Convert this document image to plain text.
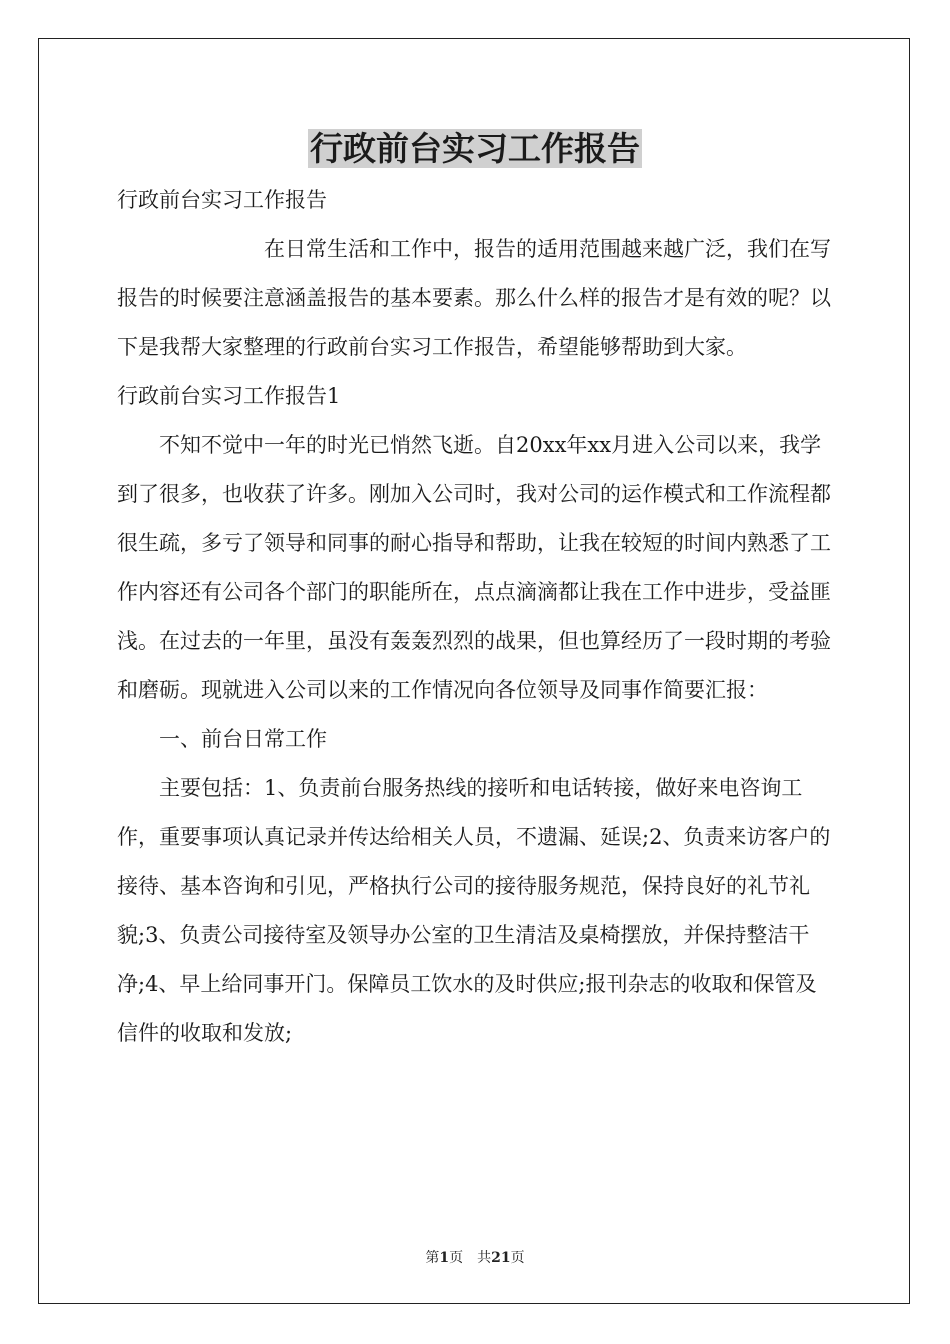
行政前台实习工作报告

行政前台实习工作报告

在日常生活和工作中，报告的适用范围越来越广泛，我们在写报告的时候要注意涵盖报告的基本要素。那么什么样的报告才是有效的呢？以下是我帮大家整理的行政前台实习工作报告，希望能够帮助到大家。

行政前台实习工作报告1

不知不觉中一年的时光已悄然飞逝。自20xx年xx月进入公司以来，我学到了很多，也收获了许多。刚加入公司时，我对公司的运作模式和工作流程都很生疏，多亏了领导和同事的耐心指导和帮助，让我在较短的时间内熟悉了工作内容还有公司各个部门的职能所在，点点滴滴都让我在工作中进步，受益匪浅。在过去的一年里，虽没有轰轰烈烈的战果，但也算经历了一段时期的考验和磨砺。现就进入公司以来的工作情况向各位领导及同事作简要汇报：

一、前台日常工作

主要包括：1、负责前台服务热线的接听和电话转接，做好来电咨询工作，重要事项认真记录并传达给相关人员，不遗漏、延误;2、负责来访客户的接待、基本咨询和引见，严格执行公司的接待服务规范，保持良好的礼节礼貌;3、负责公司接待室及领导办公室的卫生清洁及桌椅摆放，并保持整洁干净;4、早上给同事开门。保障员工饮水的及时供应;报刊杂志的收取和保管及信件的收取和发放;

第1页 共21页
